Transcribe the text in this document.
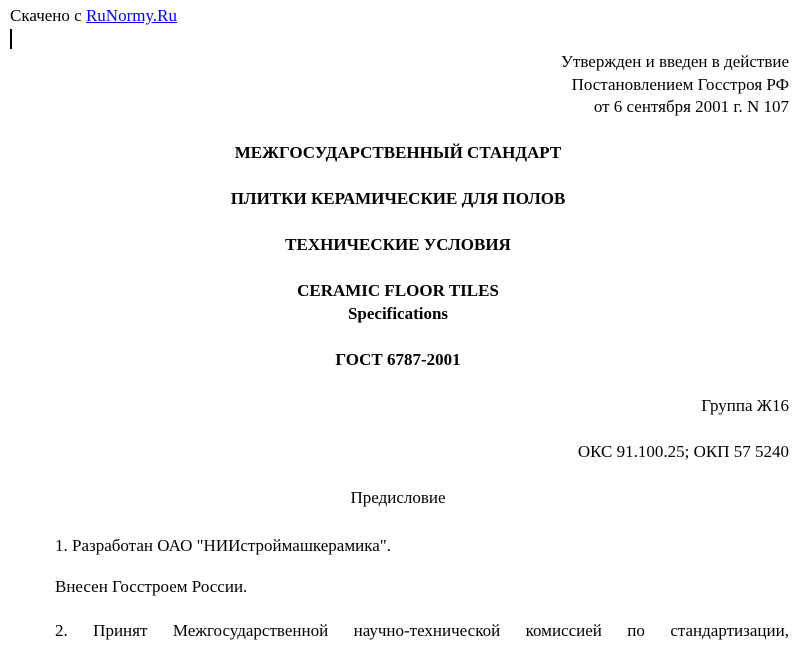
Скачено с RuNormy.Ru
Утвержден и введен в действие
Постановлением Госстроя РФ
от 6 сентября 2001 г. N 107
МЕЖГОСУДАРСТВЕННЫЙ СТАНДАРТ
ПЛИТКИ КЕРАМИЧЕСКИЕ ДЛЯ ПОЛОВ
ТЕХНИЧЕСКИЕ УСЛОВИЯ
CERAMIC FLOOR TILES
Specifications
ГОСТ 6787-2001
Группа Ж16
ОКС 91.100.25; ОКП 57 5240
Предисловие
1. Разработан ОАО "НИИстроймашкерамика".
Внесен Госстроем России.
2. Принят Межгосударственной научно-технической комиссией по стандартизации,
